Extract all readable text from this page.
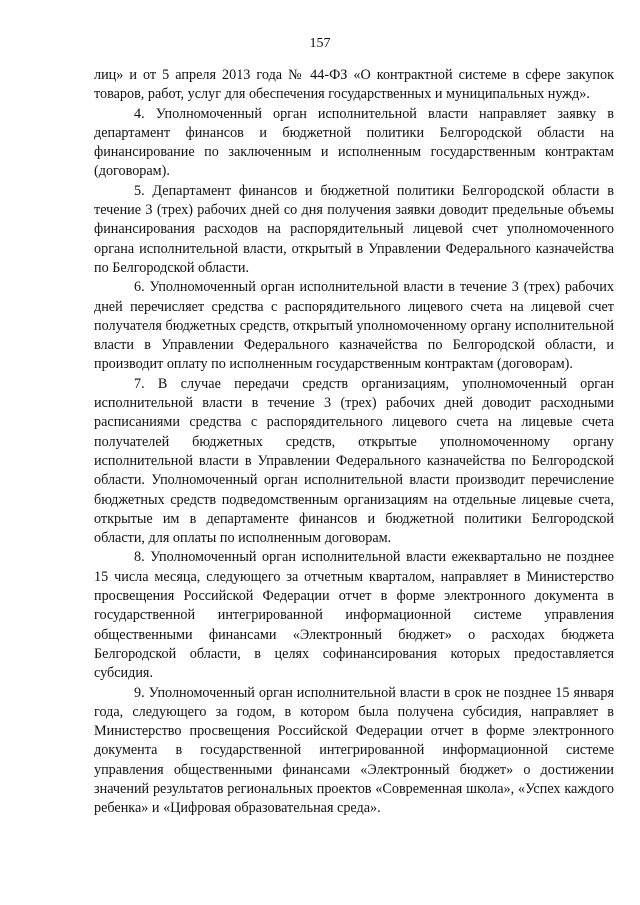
157

лиц» и от 5 апреля 2013 года № 44-ФЗ «О контрактной системе в сфере закупок товаров, работ, услуг для обеспечения государственных и муниципальных нужд».

4. Уполномоченный орган исполнительной власти направляет заявку в департамент финансов и бюджетной политики Белгородской области на финансирование по заключенным и исполненным государственным контрактам (договорам).

5. Департамент финансов и бюджетной политики Белгородской области в течение 3 (трех) рабочих дней со дня получения заявки доводит предельные объемы финансирования расходов на распорядительный лицевой счет уполномоченного органа исполнительной власти, открытый в Управлении Федерального казначейства по Белгородской области.

6. Уполномоченный орган исполнительной власти в течение 3 (трех) рабочих дней перечисляет средства с распорядительного лицевого счета на лицевой счет получателя бюджетных средств, открытый уполномоченному органу исполнительной власти в Управлении Федерального казначейства по Белгородской области, и производит оплату по исполненным государственным контрактам (договорам).

7. В случае передачи средств организациям, уполномоченный орган исполнительной власти в течение 3 (трех) рабочих дней доводит расходными расписаниями средства с распорядительного лицевого счета на лицевые счета получателей бюджетных средств, открытые уполномоченному органу исполнительной власти в Управлении Федерального казначейства по Белгородской области. Уполномоченный орган исполнительной власти производит перечисление бюджетных средств подведомственным организациям на отдельные лицевые счета, открытые им в департаменте финансов и бюджетной политики Белгородской области, для оплаты по исполненным договорам.

8. Уполномоченный орган исполнительной власти ежеквартально не позднее 15 числа месяца, следующего за отчетным кварталом, направляет в Министерство просвещения Российской Федерации отчет в форме электронного документа в государственной интегрированной информационной системе управления общественными финансами «Электронный бюджет» о расходах бюджета Белгородской области, в целях софинансирования которых предоставляется субсидия.

9. Уполномоченный орган исполнительной власти в срок не позднее 15 января года, следующего за годом, в котором была получена субсидия, направляет в Министерство просвещения Российской Федерации отчет в форме электронного документа в государственной интегрированной информационной системе управления общественными финансами «Электронный бюджет» о достижении значений результатов региональных проектов «Современная школа», «Успех каждого ребенка» и «Цифровая образовательная среда».
